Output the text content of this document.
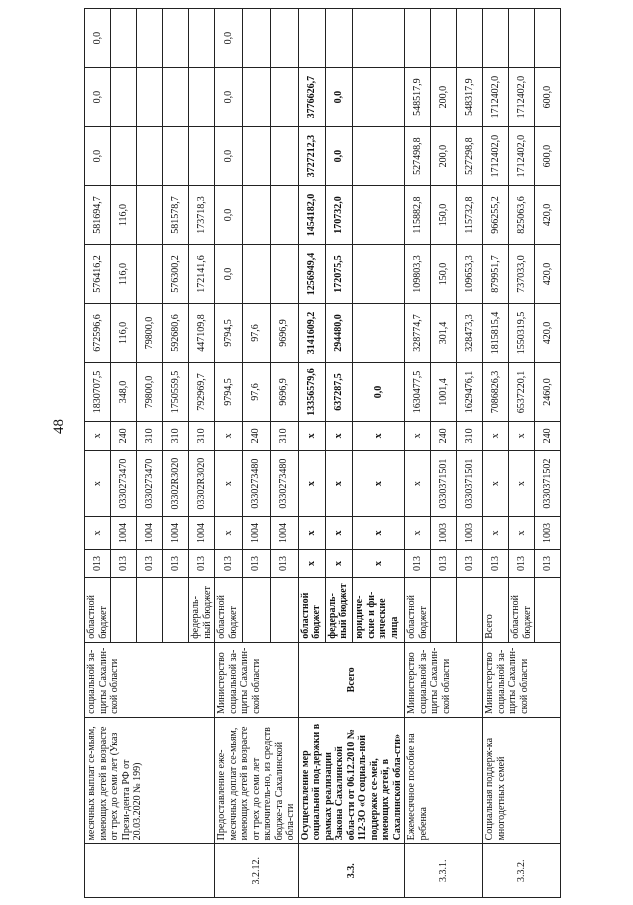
48
	месячных выплат се-мьям, имеющих детей в возрасте от трех до семи лет (Указ Прези-дента РФ от 20.03.2020 № 199)	социальной за-щиты Сахалин-ской области	областной бюджет	013	х	х	х	1830707,5	672596,6	576416,2	581694,7	0,0	0,0	0,0
				013	1004	0330273470	240	348,0	116,0	116,0	116,0			
				013	1004	0330273470	310	79800,0	79800,0					
				013	1004	03302R3020	310	1750559,5	592680,6	576300,2	581578,7			
			федераль-ный бюджет	013	1004	03302R3020	310	792969,7	447109,8	172141,6	173718,3			
3.2.12.	Предоставление еже-месячных доплат се-мьям, имеющих детей в возрасте от трех до семи лет включитель-но, из средств бюдже-та Сахалинской обла-сти	Министерство социальной за-щиты Сахалин-ской области	областной бюджет	013	х	х	х	9794,5	9794,5	0,0	0,0	0,0	0,0	0,0
				013	1004	0330273480	240	97,6	97,6					
				013	1004	0330273480	310	9696,9	9696,9					
3.3.	Осуществление мер социальной под-держки в рамках реализации Закона Сахалинской обла-сти от 06.12.2010 № 112-ЗО «О социаль-ной поддержке се-мей, имеющих детей, в Сахалинской обла-сти»	Всего	областной бюджет	х	х	х	х	13356579,6	3141609,2	1256949,4	1454182,0	3727212,3	3776626,7	
			федераль-ный бюджет	х	х	х	х	637287,5	294480,0	172075,5	170732,0	0,0	0,0	
			юридиче-ские и фи-зические лица	х	х	х	х	0,0						
3.3.1.	Ежемесячное пособие на ребенка	Министерство социальной за-щиты Сахалин-ской области	областной бюджет	013	х	х	х	1630477,5	328774,7	109803,3	115882,8	527498,8	548517,9	
				013	1003	0330371501	240	1001,4	301,4	150,0	150,0	200,0	200,0	
				013	1003	0330371501	310	1629476,1	328473,3	109653,3	115732,8	527298,8	548317,9	
3.3.2.	Социальная поддерж-ка многодетных семей	Министерство социальной за-щиты Сахалин-ской области	Всего	013	х	х	х	7086826,3	1815815,4	879951,7	966255,2	1712402,0	1712402,0	
			областной бюджет	013	х	х	х	6537220,1	1550319,5	737033,0	825063,6	1712402,0	1712402,0	
				013	1003	0330371502	240	2460,0	420,0	420,0	420,0	600,0	600,0	
